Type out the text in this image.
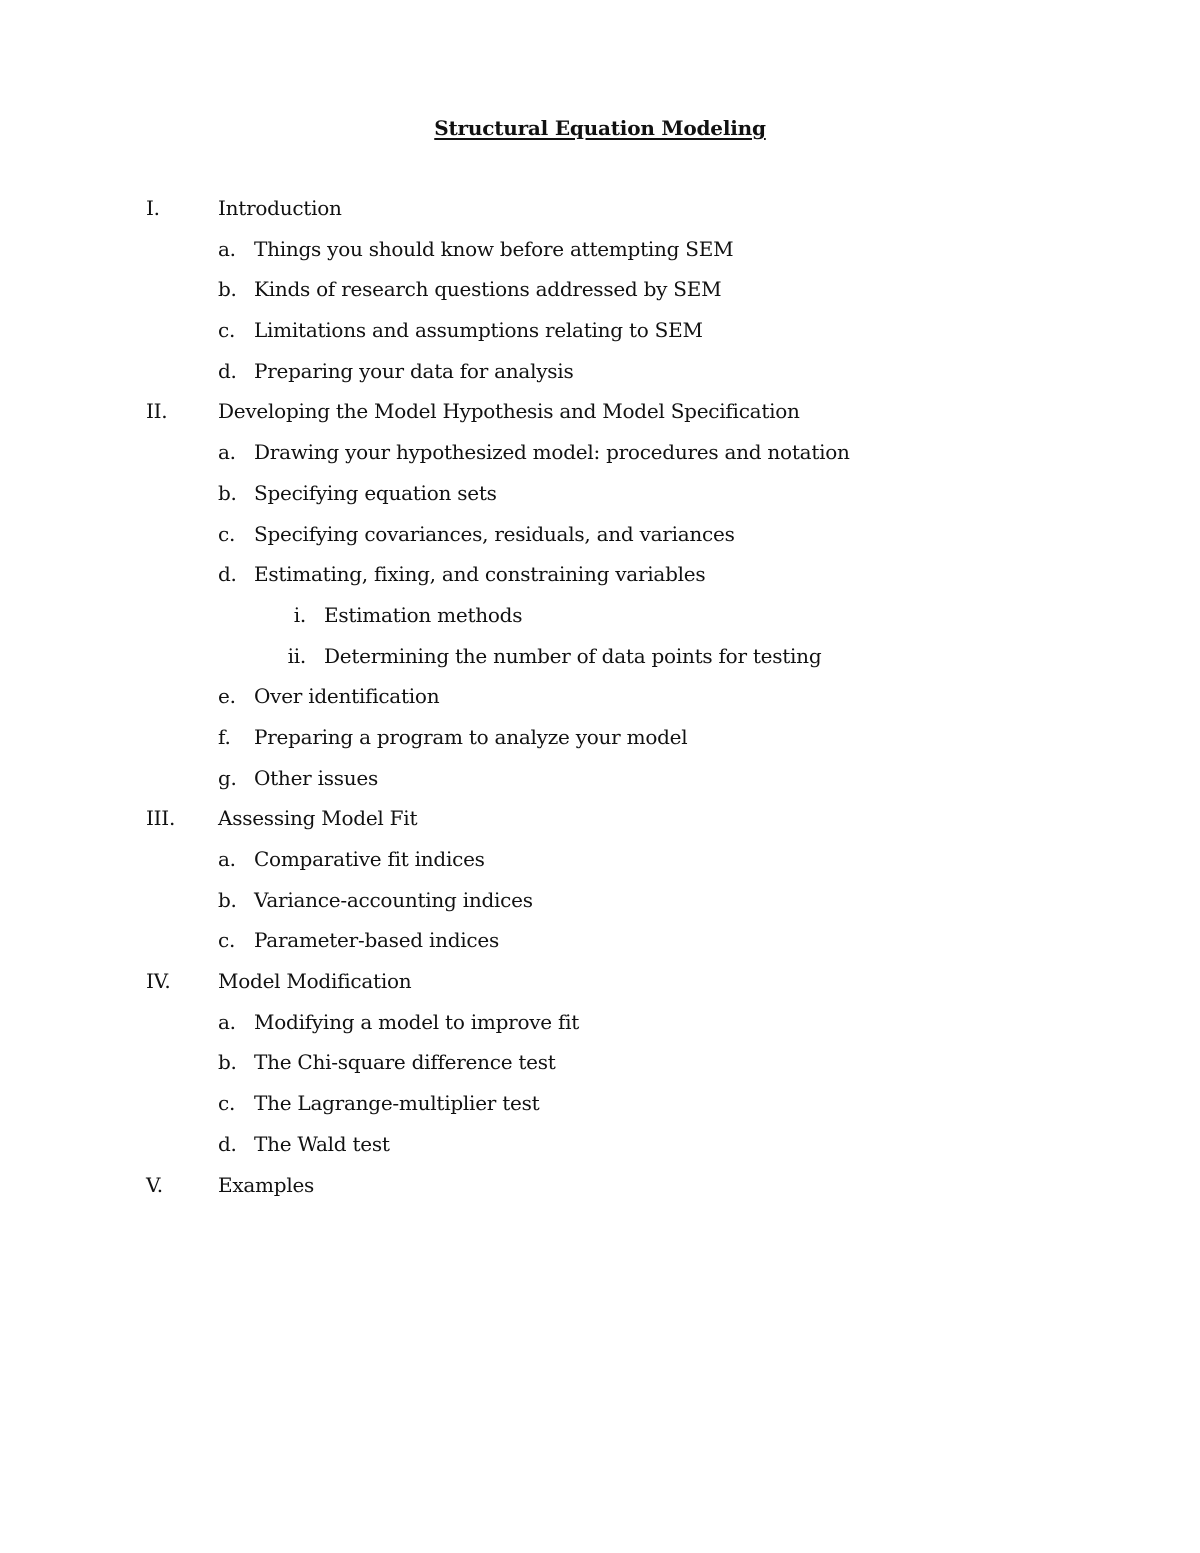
Structural Equation Modeling
I.	Introduction
a. Things you should know before attempting SEM
b. Kinds of research questions addressed by SEM
c. Limitations and assumptions relating to SEM
d. Preparing your data for analysis
II.	Developing the Model Hypothesis and Model Specification
a. Drawing your hypothesized model: procedures and notation
b. Specifying equation sets
c. Specifying covariances, residuals, and variances
d. Estimating, fixing, and constraining variables
i. Estimation methods
ii. Determining the number of data points for testing
e. Over identification
f. Preparing a program to analyze your model
g. Other issues
III. Assessing Model Fit
a. Comparative fit indices
b. Variance-accounting indices
c. Parameter-based indices
IV. Model Modification
a. Modifying a model to improve fit
b. The Chi-square difference test
c. The Lagrange-multiplier test
d. The Wald test
V.	Examples
